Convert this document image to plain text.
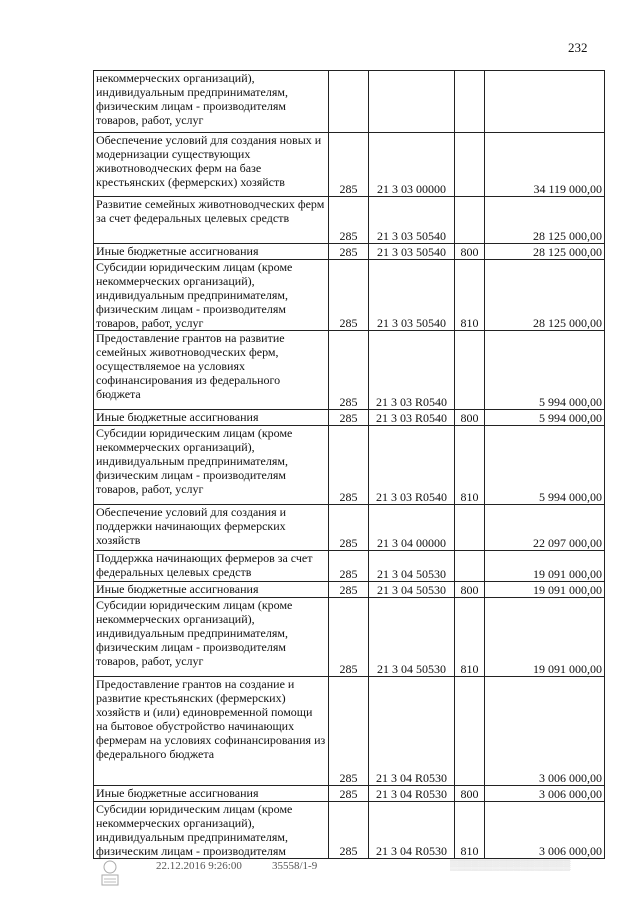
232
некоммерческих организаций), индивидуальным предпринимателям, физическим лицам - производителям товаров, работ, услуг				
Обеспечение условий для создания новых и модернизации существующих животноводческих ферм на базе крестьянских (фермерских) хозяйств	285	21 3 03 00000		34 119 000,00
Развитие семейных животноводческих ферм за счет федеральных целевых средств	285	21 3 03 50540		28 125 000,00
Иные бюджетные ассигнования	285	21 3 03 50540	800	28 125 000,00
Субсидии юридическим лицам (кроме некоммерческих организаций), индивидуальным предпринимателям, физическим лицам - производителям товаров, работ, услуг	285	21 3 03 50540	810	28 125 000,00
Предоставление грантов на развитие семейных животноводческих ферм, осуществляемое на условиях софинансирования из федерального бюджета	285	21 3 03 R0540		5 994 000,00
Иные бюджетные ассигнования	285	21 3 03 R0540	800	5 994 000,00
Субсидии юридическим лицам (кроме некоммерческих организаций), индивидуальным предпринимателям, физическим лицам - производителям товаров, работ, услуг	285	21 3 03 R0540	810	5 994 000,00
Обеспечение условий для создания и поддержки начинающих фермерских хозяйств	285	21 3 04 00000		22 097 000,00
Поддержка начинающих фермеров за счет федеральных целевых средств	285	21 3 04 50530		19 091 000,00
Иные бюджетные ассигнования	285	21 3 04 50530	800	19 091 000,00
Субсидии юридическим лицам (кроме некоммерческих организаций), индивидуальным предпринимателям, физическим лицам - производителям товаров, работ, услуг	285	21 3 04 50530	810	19 091 000,00
Предоставление грантов на создание и развитие крестьянских (фермерских) хозяйств и (или) единовременной помощи на бытовое обустройство начинающих фермерам на условиях софинансирования из федерального бюджета	285	21 3 04 R0530		3 006 000,00
Иные бюджетные ассигнования	285	21 3 04 R0530	800	3 006 000,00
Субсидии юридическим лицам (кроме некоммерческих организаций), индивидуальным предпринимателям, физическим лицам - производителям	285	21 3 04 R0530	810	3 006 000,00
22.12.2016 9:26:00	35558/1-9	▒▒▒▒▒▒▒▒▒▒▒▒▒▒▒▒▒
